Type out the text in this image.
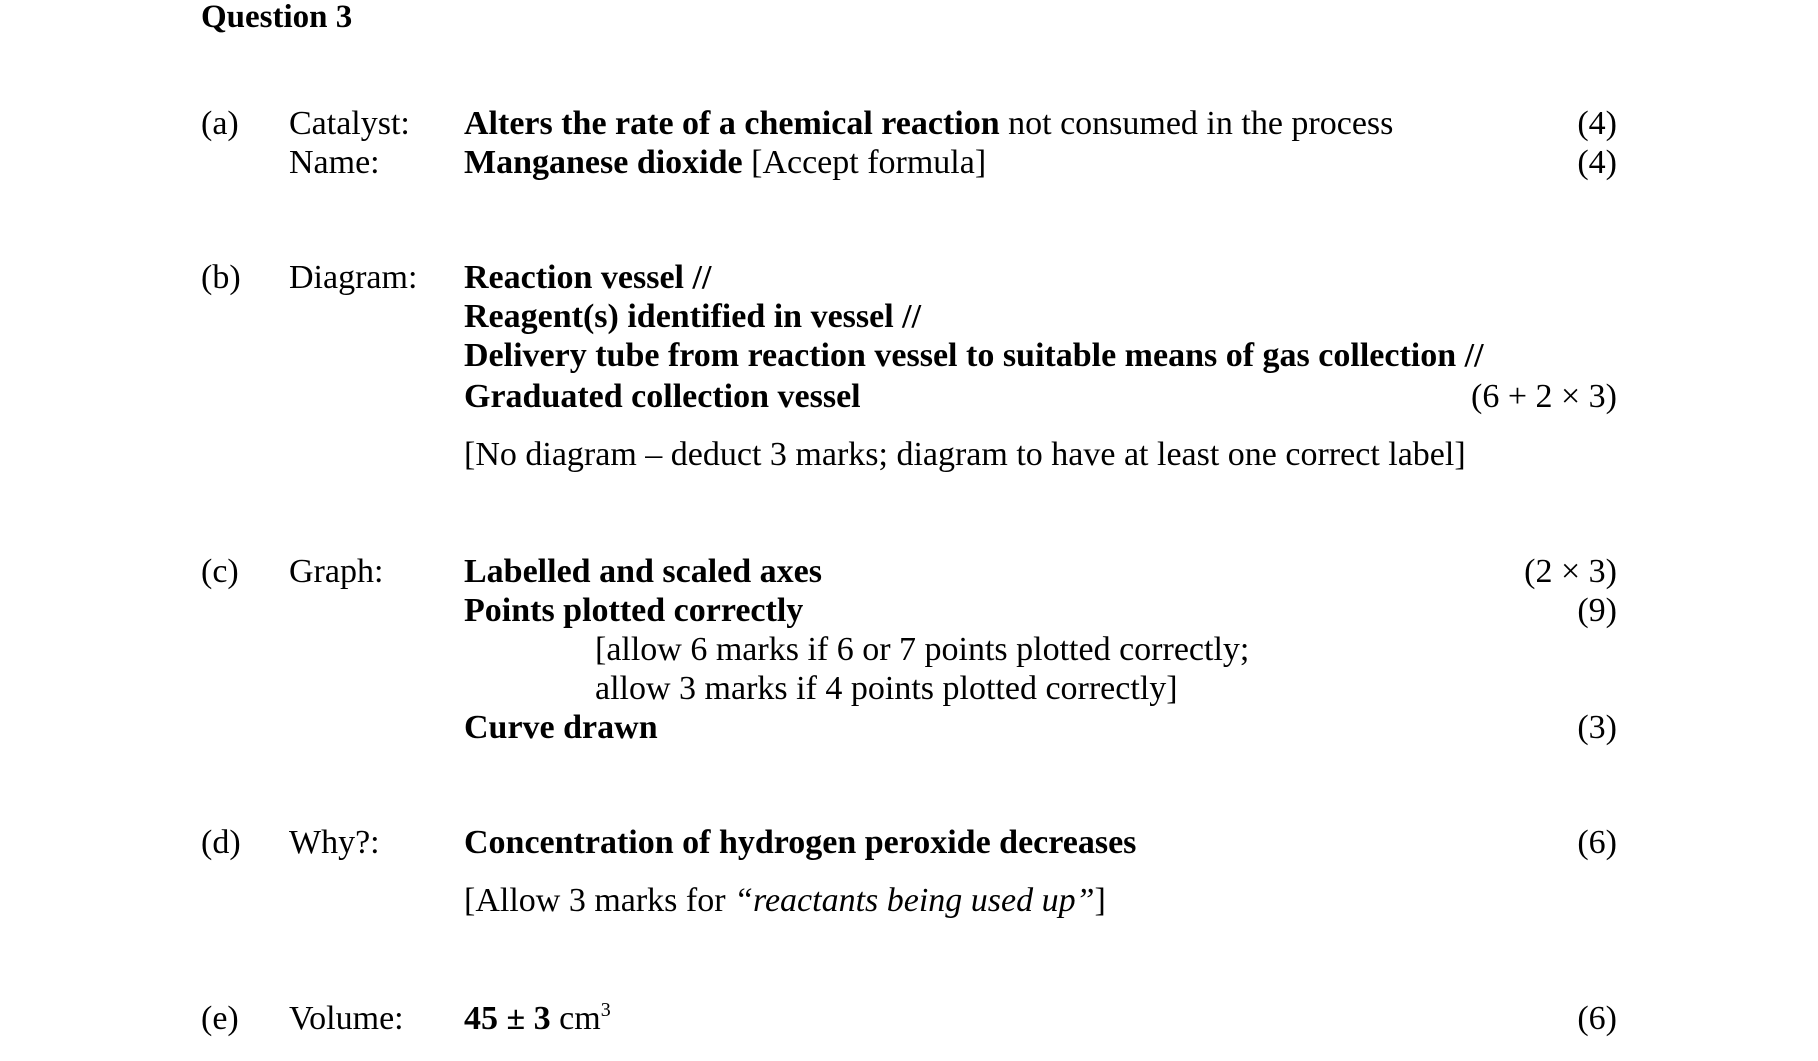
Question 3
(a) Catalyst: Alters the rate of a chemical reaction not consumed in the process	(4)
Name: Manganese dioxide [Accept formula]	(4)
(b) Diagram: Reaction vessel //
Reagent(s) identified in vessel //
Delivery tube from reaction vessel to suitable means of gas collection //
Graduated collection vessel	(6 + 2 × 3)
[No diagram – deduct 3 marks; diagram to have at least one correct label]
(c) Graph: Labelled and scaled axes	(2 × 3)
Points plotted correctly	(9)
[allow 6 marks if 6 or 7 points plotted correctly;
allow 3 marks if 4 points plotted correctly]
Curve drawn	(3)
(d) Why?: Concentration of hydrogen peroxide decreases	(6)
[Allow 3 marks for “reactants being used up”]
(e) Volume: 45 ± 3 $cm^3$	(6)
